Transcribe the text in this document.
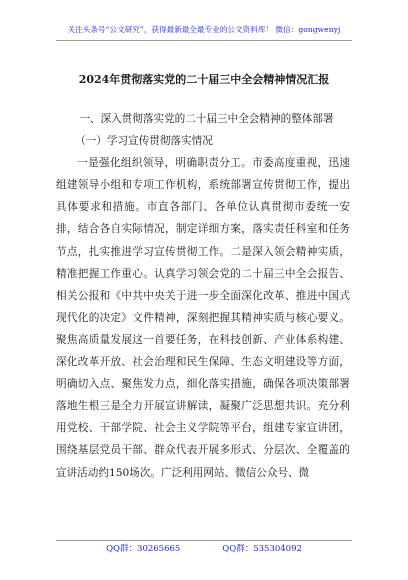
关注头条号“公文研究”，获得最新最全最专业的公文资料库！ 微信：gongwenyj
2024年贯彻落实党的二十届三中全会精神情况汇报

一、深入贯彻落实党的二十届三中全会精神的整体部署

（一）学习宣传贯彻落实情况

一是强化组织领导，明确职责分工。市委高度重视，迅速组建领导小组和专项工作机构，系统部署宣传贯彻工作，提出具体要求和措施。市直各部门、各单位认真贯彻市委统一安排，结合各自实际情况，制定详细方案，落实责任科室和任务节点，扎实推进学习宣传贯彻工作。二是深入领会精神实质，精准把握工作重心。认真学习领会党的二十届三中全会报告、相关公报和《中共中央关于进一步全面深化改革、推进中国式现代化的决定》文件精神，深刻把握其精神实质与核心要义。聚焦高质量发展这一首要任务，在科技创新、产业体系构建、深化改革开放、社会治理和民生保障、生态文明建设等方面，明确切入点、聚焦发力点，细化落实措施，确保各项决策部署落地生根三是全力开展宣讲解读，凝聚广泛思想共识。充分利用党校、干部学院、社会主义学院等平台，组建专家宣讲团，围绕基层党员干部、群众代表开展多形式、分层次、全覆盖的宣讲活动约150场次。广泛利用网站、微信公众号、微

QQ群：30265665	QQ群：535304092
